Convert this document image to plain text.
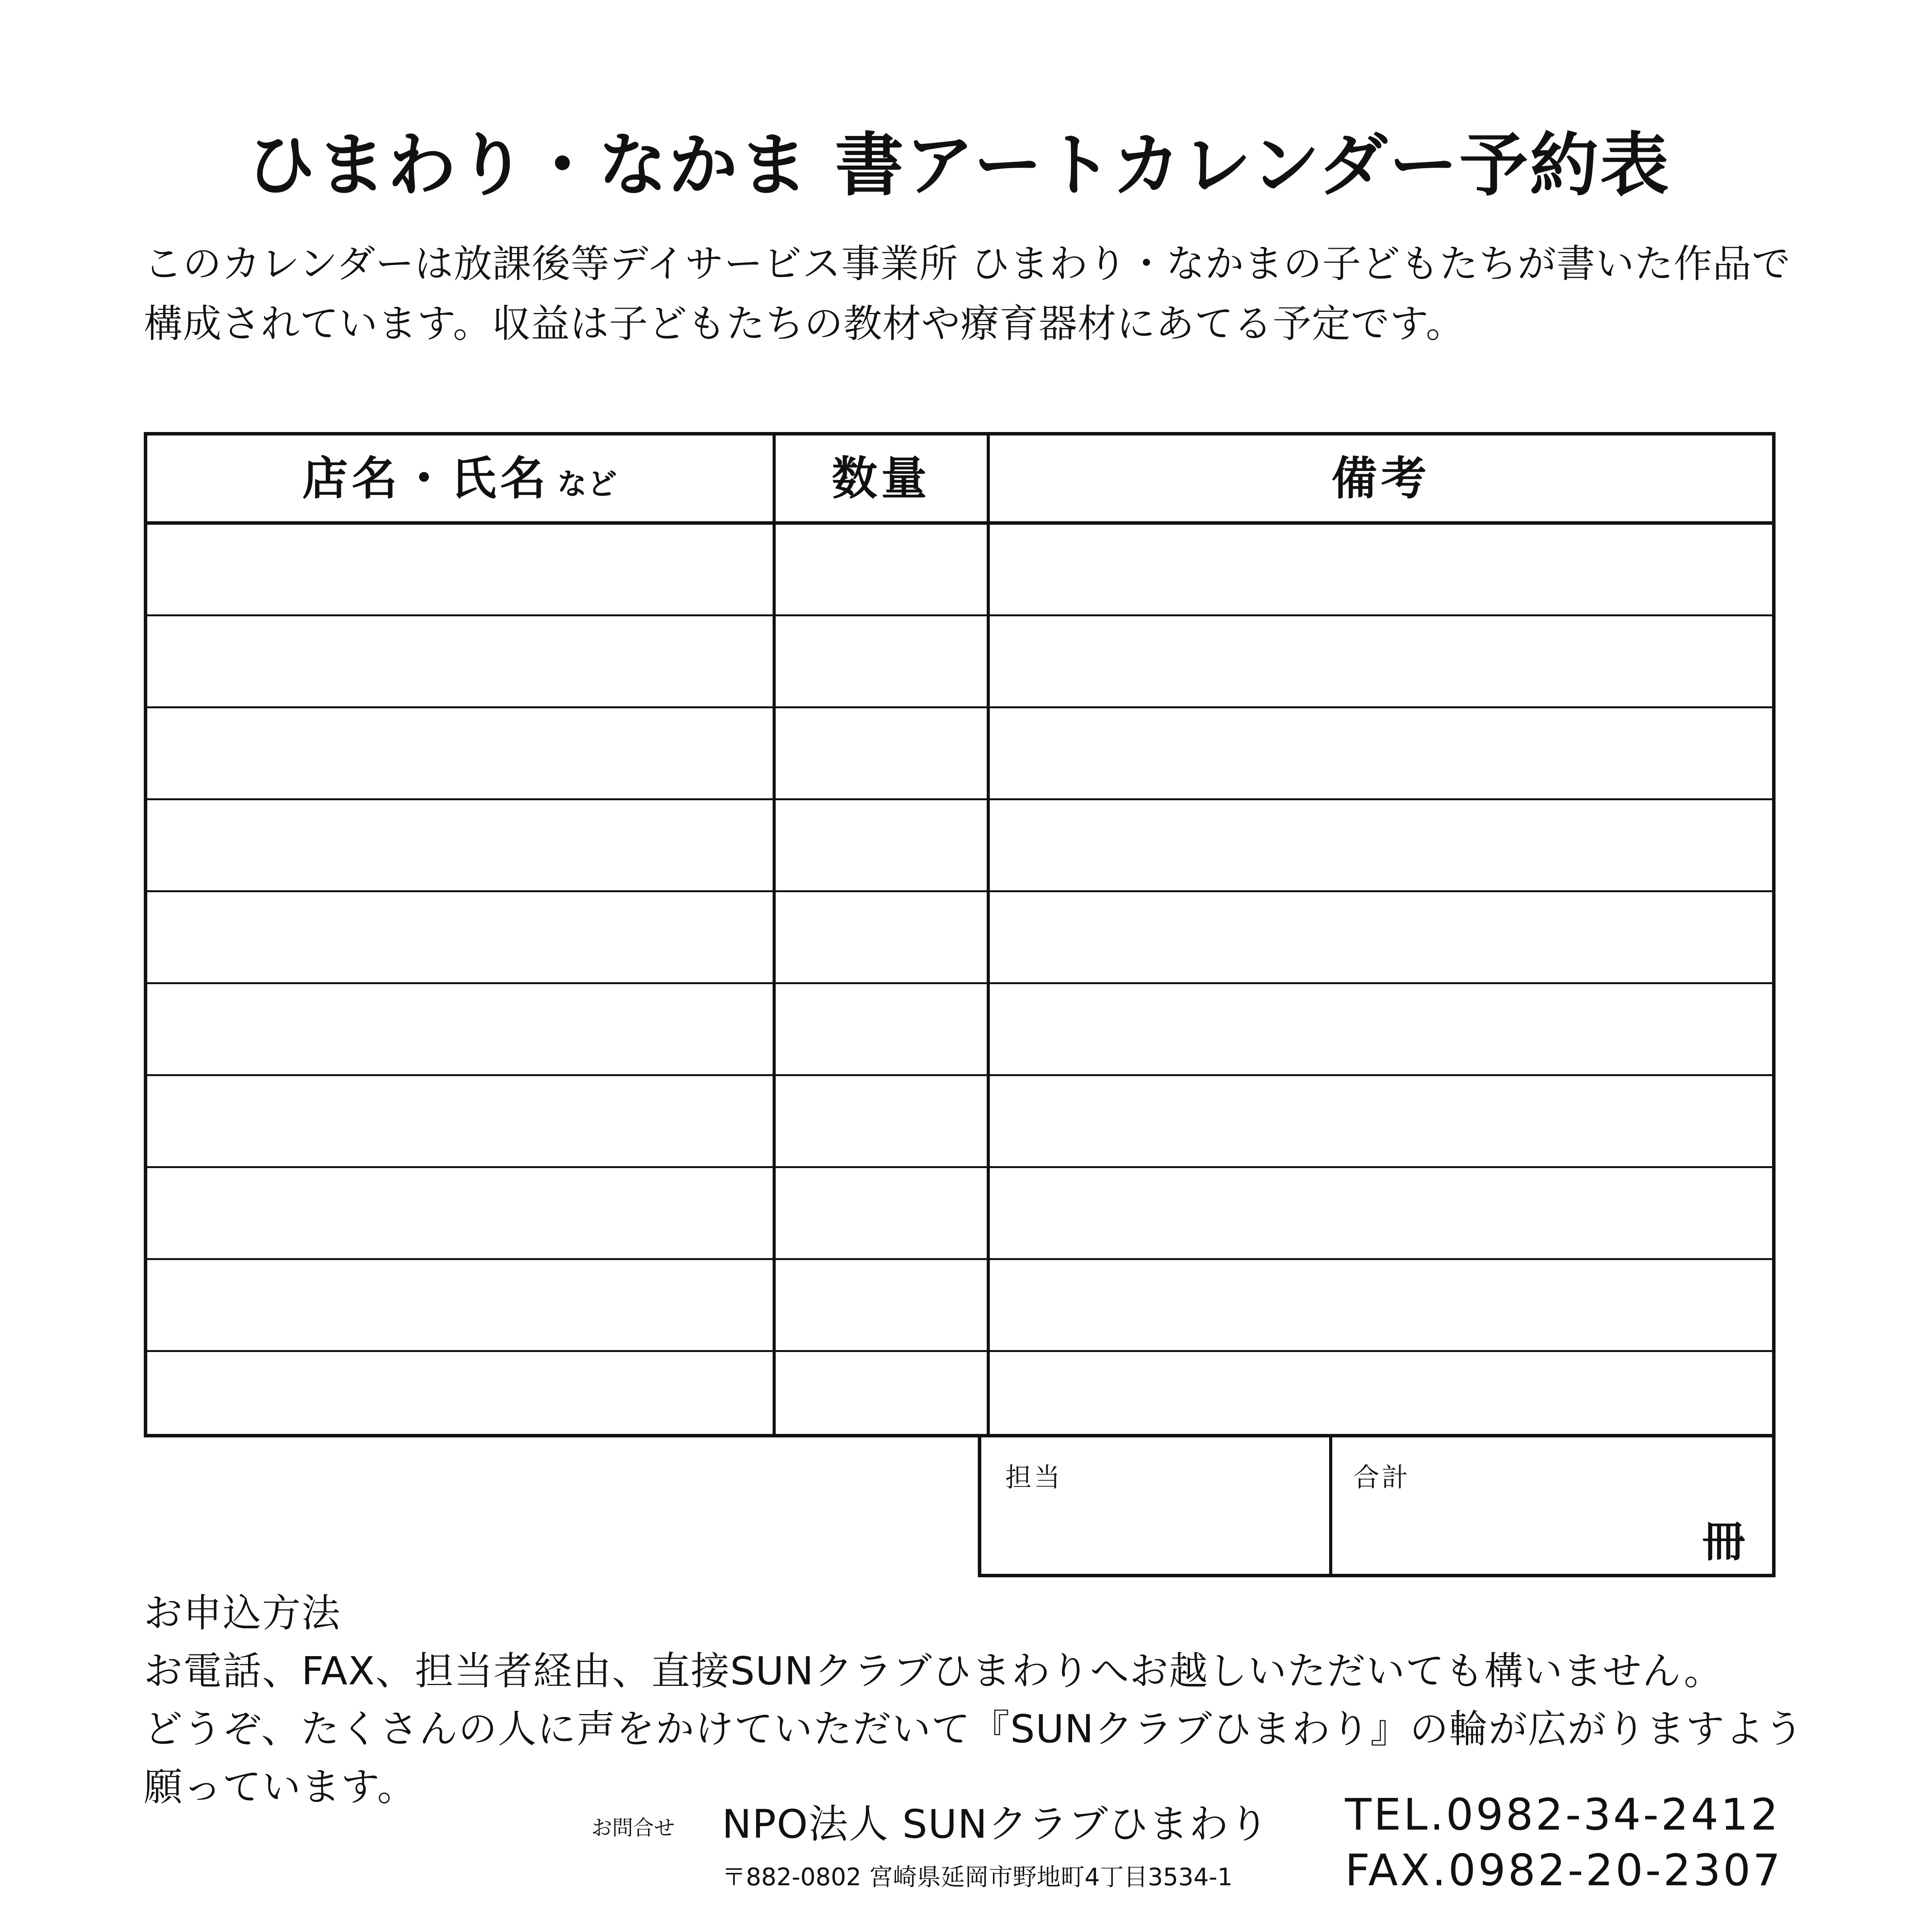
ひまわり・なかま 書アートカレンダー予約表
このカレンダーは放課後等デイサービス事業所 ひまわり・なかまの子どもたちが書いた作品で
構成されています。収益は子どもたちの教材や療育器材にあてる予定です。
店名・氏名 など	数量	備考
担当	合計
冊
お申込方法
お電話、FAX、担当者経由、直接SUNクラブひまわりへお越しいただいても構いません。
どうぞ、たくさんの人に声をかけていただいて『SUNクラブひまわり』の輪が広がりますよう
願っています。
お問合せ NPO法人 SUNクラブひまわり
〒882-0802 宮崎県延岡市野地町4丁目3534-1
TEL.0982-34-2412
FAX.0982-20-2307
